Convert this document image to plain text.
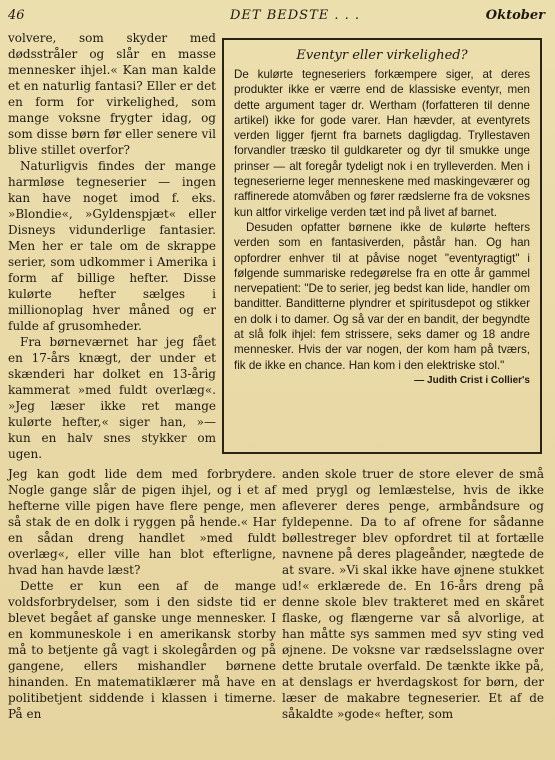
46	DET BEDSTE . . .	Oktober

volvere, som skyder med dødsstråler og slår en masse mennesker ihjel.« Kan man kalde et en naturlig fantasi? Eller er det en form for virkelighed, som mange voksne frygter idag, og som disse børn før eller senere vil blive stillet overfor?

Naturligvis findes der mange harmløse tegneserier — ingen kan have noget imod f. eks. »Blondie«, »Gyldenspjæt« eller Disneys vidunderlige fantasier. Men her er tale om de skrappe serier, som udkommer i Amerika i form af billige hefter. Disse kulørte hefter sælges i millionoplag hver måned og er fulde af grusomheder.

Fra børneværnet har jeg fået en 17-års knægt, der under et skænderi har dolket en 13-årig kammerat »med fuldt overlæg«. »Jeg læser ikke ret mange kulørte hefter,« siger han, »— kun en halv snes stykker om ugen.

Eventyr eller virkelighed?

De kulørte tegneseriers forkæmpere siger, at deres produkter ikke er værre end de klassiske eventyr, men dette argument tager dr. Wertham (forfatteren til denne artikel) ikke for gode varer. Han hævder, at eventyrets verden ligger fjernt fra barnets dagligdag. Tryllestaven forvandler træsko til guldkareter og dyr til smukke unge prinser — alt foregår tydeligt nok i en trylleverden. Men i tegneserierne leger menneskene med maskingeværer og raffinerede atomvåben og fører rædslerne fra de voksnes kun altfor virkelige verden tæt ind på livet af barnet.

Desuden opfatter børnene ikke de kulørte hefters verden som en fantasiverden, påstår han. Og han opfordrer enhver til at påvise noget "eventyragtigt" i følgende summariske redegørelse fra en otte år gammel nervepatient: "De to serier, jeg bedst kan lide, handler om banditter. Banditterne plyndrer et spiritusdepot og stikker en dolk i to damer. Og så var der en bandit, der begyndte at slå folk ihjel: fem strissere, seks damer og 18 andre mennesker. Hvis der var nogen, der kom ham på tværs, fik de ikke en chance. Han kom i den elektriske stol."

— Judith Crist i Collier's

Jeg kan godt lide dem med forbrydere. Nogle gange slår de pigen ihjel, og i et af hefterne ville pigen have flere penge, men så stak de en dolk i ryggen på hende.« Har en sådan dreng handlet »med fuldt overlæg«, eller ville han blot efterligne, hvad han havde læst?

Dette er kun een af de mange voldsforbrydelser, som i den sidste tid er blevet begået af ganske unge mennesker. I en kommuneskole i en amerikansk storby må to betjente gå vagt i skolegården og på gangene, ellers mishandler børnene hinanden. En matematiklærer må have en politibetjent siddende i klassen i timerne. På en

anden skole truer de store elever de små med prygl og lemlæstelse, hvis de ikke afleverer deres penge, armbåndsure og fyldepenne. Da to af ofrene for sådanne bøllestreger blev opfordret til at fortælle navnene på deres plageånder, nægtede de at svare. »Vi skal ikke have øjnene stukket ud!« erklærede de. En 16-års dreng på denne skole blev trakteret med en skåret flaske, og flængerne var så alvorlige, at han måtte sys sammen med syv sting ved øjnene. De voksne var rædselsslagne over dette brutale overfald. De tænkte ikke på, at denslags er hverdagskost for børn, der læser de makabre tegneserier. Et af de såkaldte »gode« hefter, som
